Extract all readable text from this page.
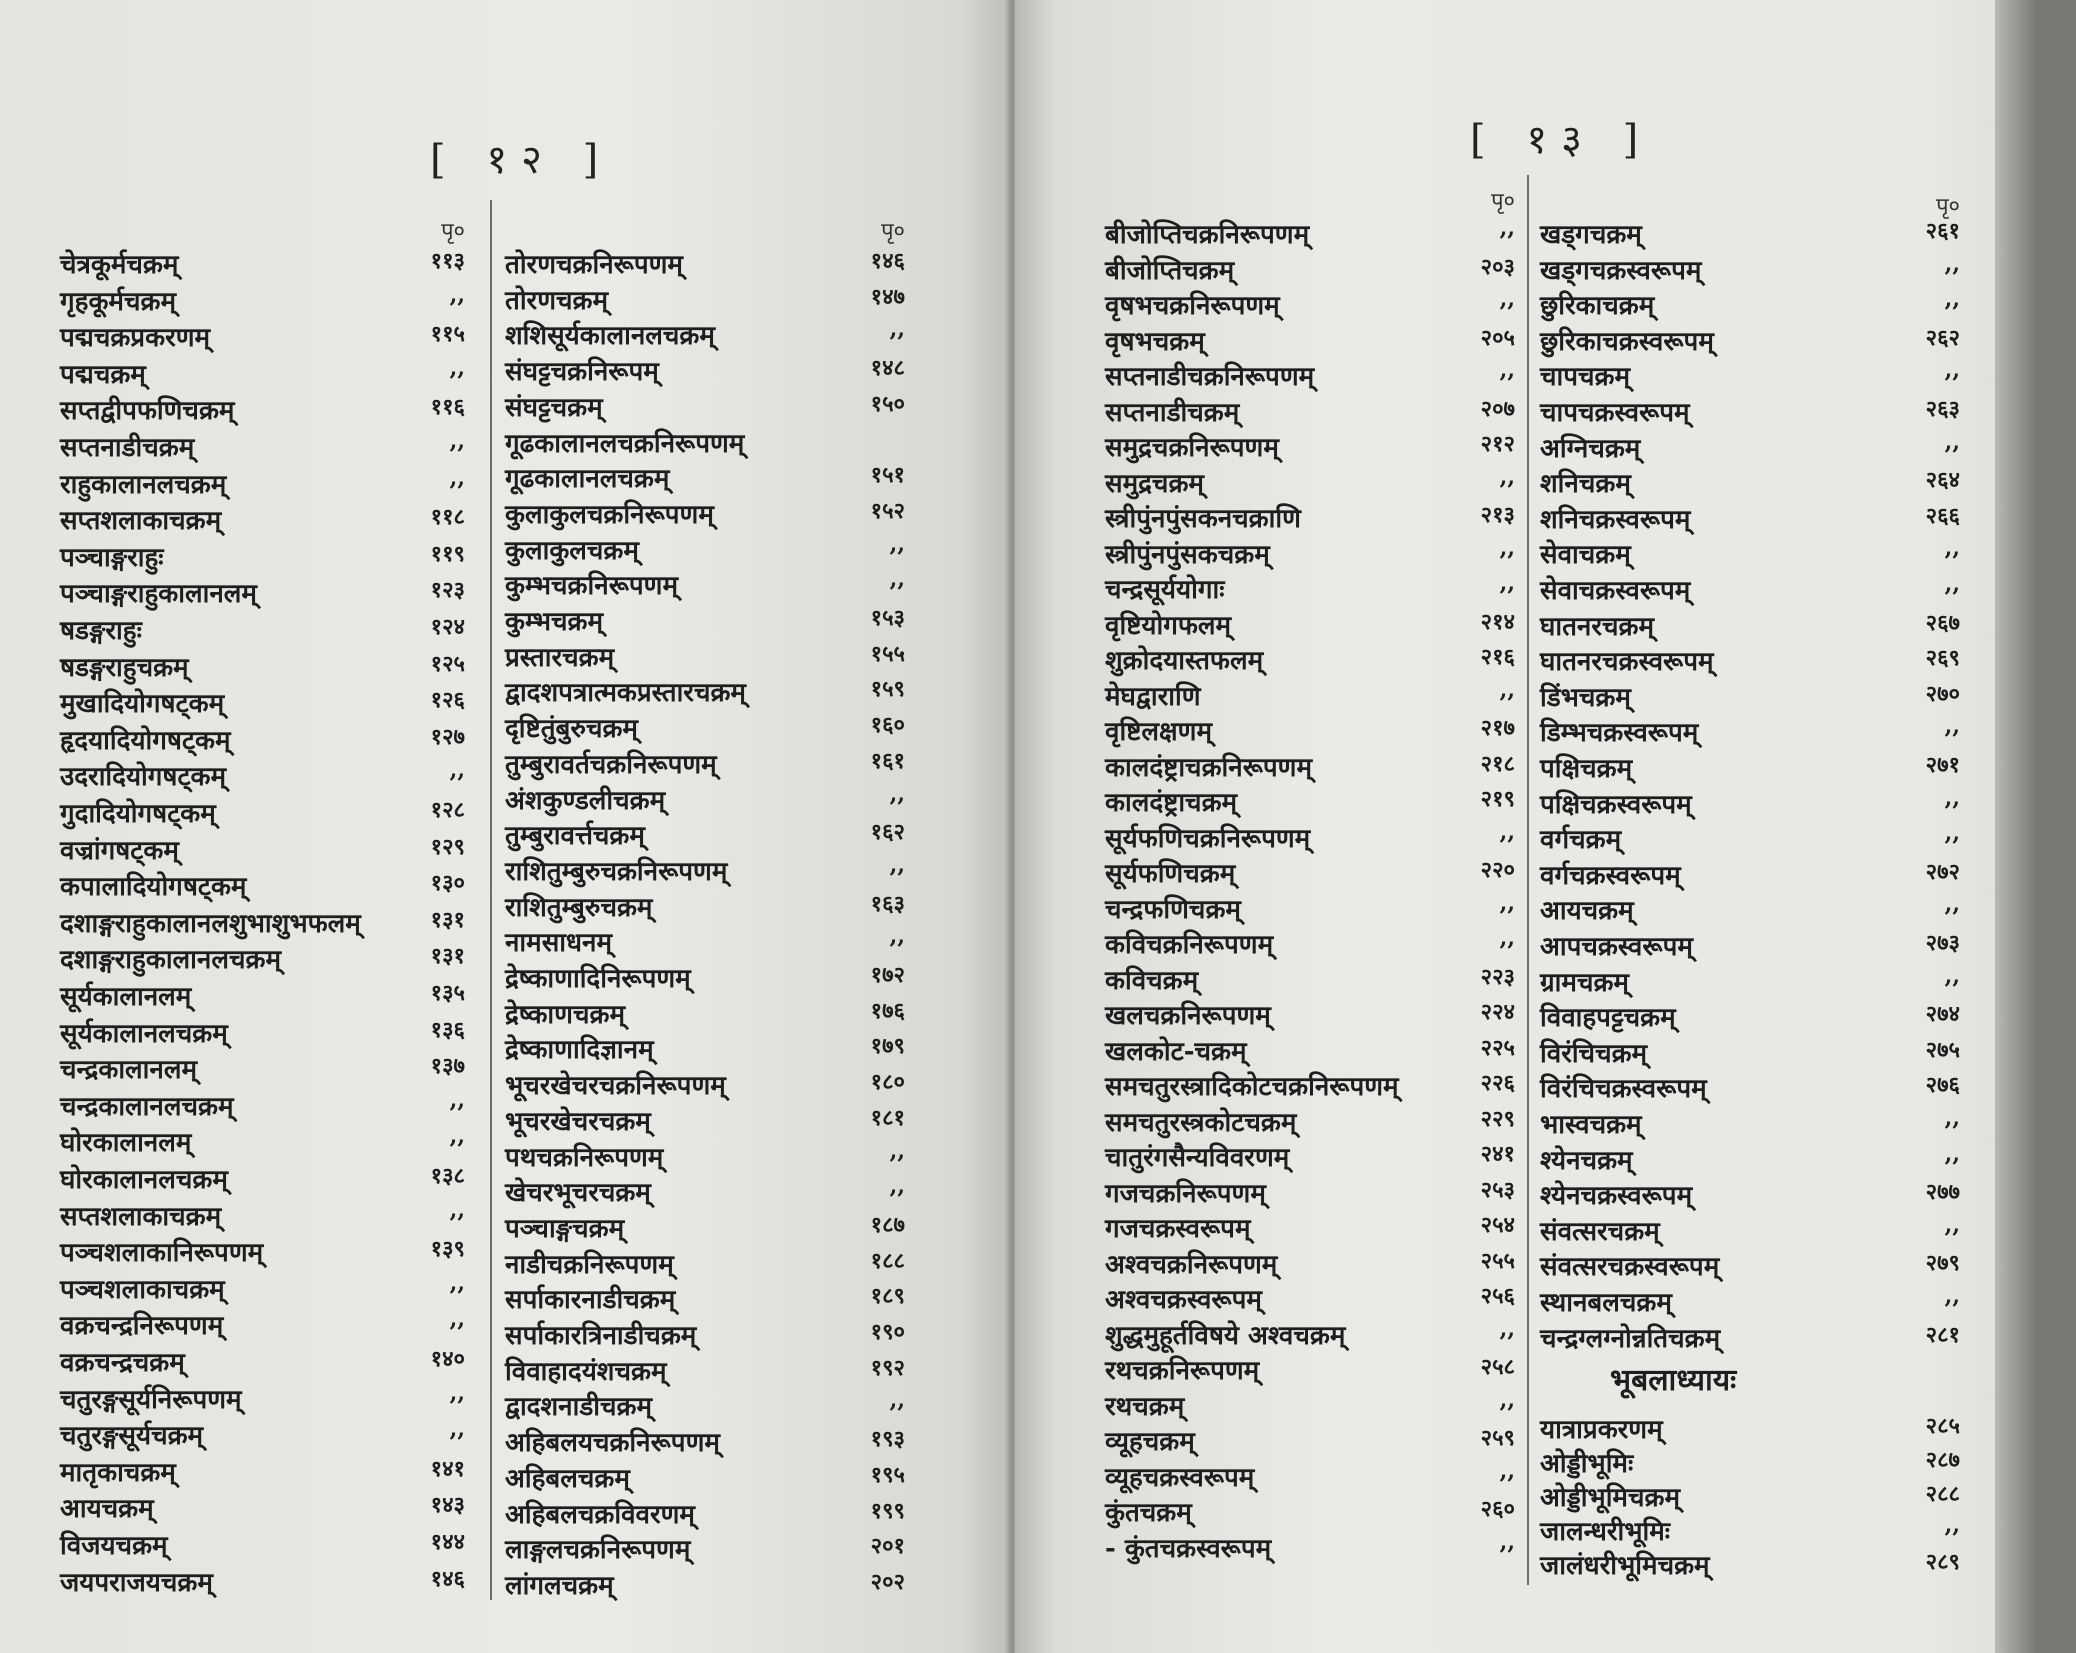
[ १२ ]
पृ०
चेत्रकूर्मचक्रम्	११३
गृहकूर्मचक्रम्	,,
पद्मचक्रप्रकरणम्	११५
पद्मचक्रम्	,,
सप्तद्वीपफणिचक्रम्	११६
सप्तनाडीचक्रम्	,,
राहुकालानलचक्रम्	,,
सप्तशलाकाचक्रम्	११८
पञ्चाङ्गराहुः	११९
पञ्चाङ्गराहुकालानलम्	१२३
षडङ्गराहुः	१२४
षडङ्गराहुचक्रम्	१२५
मुखादियोगषट्कम्	१२६
हृदयादियोगषट्कम्	१२७
उदरादियोगषट्कम्	,,
गुदादियोगषट्कम्	१२८
वज्रांगषट्कम्	१२९
कपालादियोगषट्कम्	१३०
दशाङ्गराहुकालानलशुभाशुभफलम्	१३१
दशाङ्गराहुकालानलचक्रम्	१३१
सूर्यकालानलम्	१३५
सूर्यकालानलचक्रम्	१३६
चन्द्रकालानलम्	१३७
चन्द्रकालानलचक्रम्	,,
घोरकालानलम्	,,
घोरकालानलचक्रम्	१३८
सप्तशलाकाचक्रम्	,,
पञ्चशलाकानिरूपणम्	१३९
पञ्चशलाकाचक्रम्	,,
वक्रचन्द्रनिरूपणम्	,,
वक्रचन्द्रचक्रम्	१४०
चतुरङ्गसूर्यनिरूपणम्	,,
चतुरङ्गसूर्यचक्रम्	,,
मातृकाचक्रम्	१४१
आयचक्रम्	१४३
विजयचक्रम्	१४४
जयपराजयचक्रम्	१४६
पृ०
तोरणचक्रनिरूपणम्	१४६
तोरणचक्रम्	१४७
शशिसूर्यकालानलचक्रम्	,,
संघट्टचक्रनिरूपम्	१४८
संघट्टचक्रम्	१५०
गूढकालानलचक्रनिरूपणम्
गूढकालानलचक्रम्	१५१
कुलाकुलचक्रनिरूपणम्	१५२
कुलाकुलचक्रम्	,,
कुम्भचक्रनिरूपणम्	,,
कुम्भचक्रम्	१५३
प्रस्तारचक्रम्	१५५
द्वादशपत्रात्मकप्रस्तारचक्रम्	१५९
दृष्टितुंबुरुचक्रम्	१६०
तुम्बुरावर्तचक्रनिरूपणम्	१६१
अंशकुण्डलीचक्रम्	,,
तुम्बुरावर्त्तचक्रम्	१६२
राशितुम्बुरुचक्रनिरूपणम्	,,
राशितुम्बुरुचक्रम्	१६३
नामसाधनम्	,,
द्रेष्काणादिनिरूपणम्	१७२
द्रेष्काणचक्रम्	१७६
द्रेष्काणादिज्ञानम्	१७९
भूचरखेचरचक्रनिरूपणम्	१८०
भूचरखेचरचक्रम्	१८१
पथचक्रनिरूपणम्	,,
खेचरभूचरचक्रम्	,,
पञ्चाङ्गचक्रम्	१८७
नाडीचक्रनिरूपणम्	१८८
सर्पाकारनाडीचक्रम्	१८९
सर्पाकारत्रिनाडीचक्रम्	१९०
विवाहादयंशचक्रम्	१९२
द्वादशनाडीचक्रम्	,,
अहिबलयचक्रनिरूपणम्	१९३
अहिबलचक्रम्	१९५
अहिबलचक्रविवरणम्	१९९
लाङ्गलचक्रनिरूपणम्	२०१
लांगलचक्रम्	२०२
[ १३ ]
पृ०
बीजोप्तिचक्रनिरूपणम्	,,
बीजोप्तिचक्रम्	२०३
वृषभचक्रनिरूपणम्	,,
वृषभचक्रम्	२०५
सप्तनाडीचक्रनिरूपणम्	,,
सप्तनाडीचक्रम्	२०७
समुद्रचक्रनिरूपणम्	२१२
समुद्रचक्रम्	,,
स्त्रीपुंनपुंसकनचक्राणि	२१३
स्त्रीपुंनपुंसकचक्रम्	,,
चन्द्रसूर्ययोगाः	,,
वृष्टियोगफलम्	२१४
शुक्रोदयास्तफलम्	२१६
मेघद्वाराणि	,,
वृष्टिलक्षणम्	२१७
कालदंष्ट्राचक्रनिरूपणम्	२१८
कालदंष्ट्राचक्रम्	२१९
सूर्यफणिचक्रनिरूपणम्	,,
सूर्यफणिचक्रम्	२२०
चन्द्रफणिचक्रम्	,,
कविचक्रनिरूपणम्	,,
कविचक्रम्	२२३
खलचक्रनिरूपणम्	२२४
खलकोट-चक्रम्	२२५
समचतुरस्त्रादिकोटचक्रनिरूपणम्	२२६
समचतुरस्त्रकोटचक्रम्	२२९
चातुरंगसैन्यविवरणम्	२४१
गजचक्रनिरूपणम्	२५३
गजचक्रस्वरूपम्	२५४
अश्वचक्रनिरूपणम्	२५५
अश्वचक्रस्वरूपम्	२५६
शुद्धमुहूर्तविषये अश्वचक्रम्	,,
रथचक्रनिरूपणम्	२५८
रथचक्रम्	,,
व्यूहचक्रम्	२५९
व्यूहचक्रस्वरूपम्	,,
कुंतचक्रम्	२६०
- कुंतचक्रस्वरूपम्	,,
पृ०
भूबलाध्यायः
खड्गचक्रम्	२६१
खड्गचक्रस्वरूपम्	,,
छुरिकाचक्रम्	,,
छुरिकाचक्रस्वरूपम्	२६२
चापचक्रम्	,,
चापचक्रस्वरूपम्	२६३
अग्निचक्रम्	,,
शनिचक्रम्	२६४
शनिचक्रस्वरूपम्	२६६
सेवाचक्रम्	,,
सेवाचक्रस्वरूपम्	,,
घातनरचक्रम्	२६७
घातनरचक्रस्वरूपम्	२६९
डिंभचक्रम्	२७०
डिम्भचक्रस्वरूपम्	,,
पक्षिचक्रम्	२७१
पक्षिचक्रस्वरूपम्	,,
वर्गचक्रम्	,,
वर्गचक्रस्वरूपम्	२७२
आयचक्रम्	,,
आपचक्रस्वरूपम्	२७३
ग्रामचक्रम्	,,
विवाहपट्टचक्रम्	२७४
विरंचिचक्रम्	२७५
विरंचिचक्रस्वरूपम्	२७६
भास्वचक्रम्	,,
श्येनचक्रम्	,,
श्येनचक्रस्वरूपम्	२७७
संवत्सरचक्रम्	,,
संवत्सरचक्रस्वरूपम्	२७९
स्थानबलचक्रम्	,,
चन्द्रग्लग्नोन्नतिचक्रम्	२८१
यात्राप्रकरणम्	२८५
ओड्डीभूमिः	२८७
ओड्डीभूमिचक्रम्	२८८
जालन्धरीभूमिः	,,
जालंधरीभूमिचक्रम्	२८९
